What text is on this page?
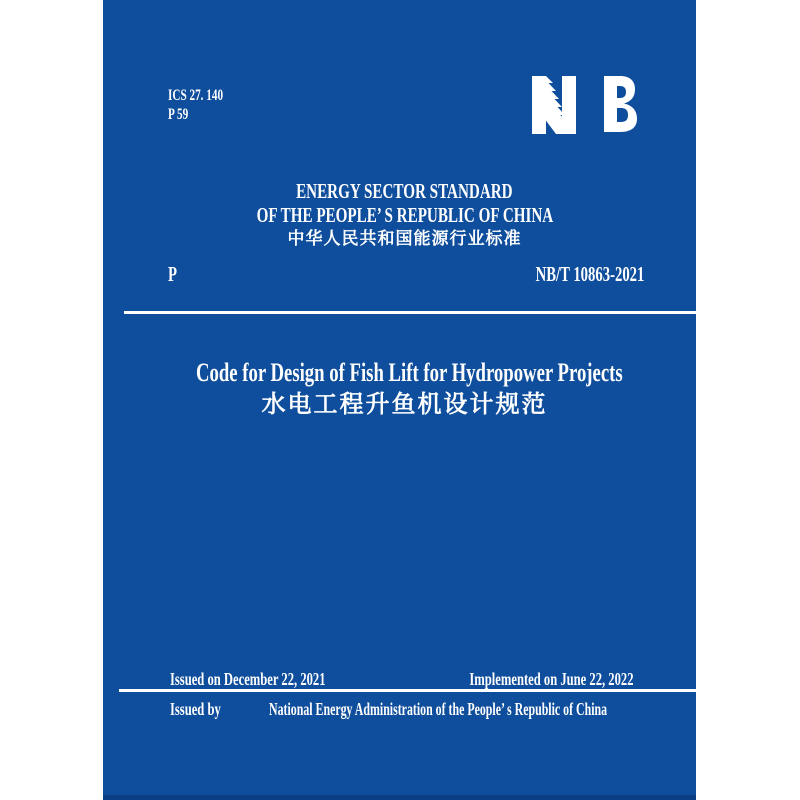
ICS 27. 140
P 59
ENERGY SECTOR STANDARD
OF THE PEOPLE’ S REPUBLIC OF CHINA
中华人民共和国能源行业标准
P	NB/T 10863-2021
Code for Design of Fish Lift for Hydropower Projects
水电工程升鱼机设计规范
Issued on December 22, 2021	Implemented on June 22, 2022
Issued by	National Energy Administration of the People’ s Republic of China
